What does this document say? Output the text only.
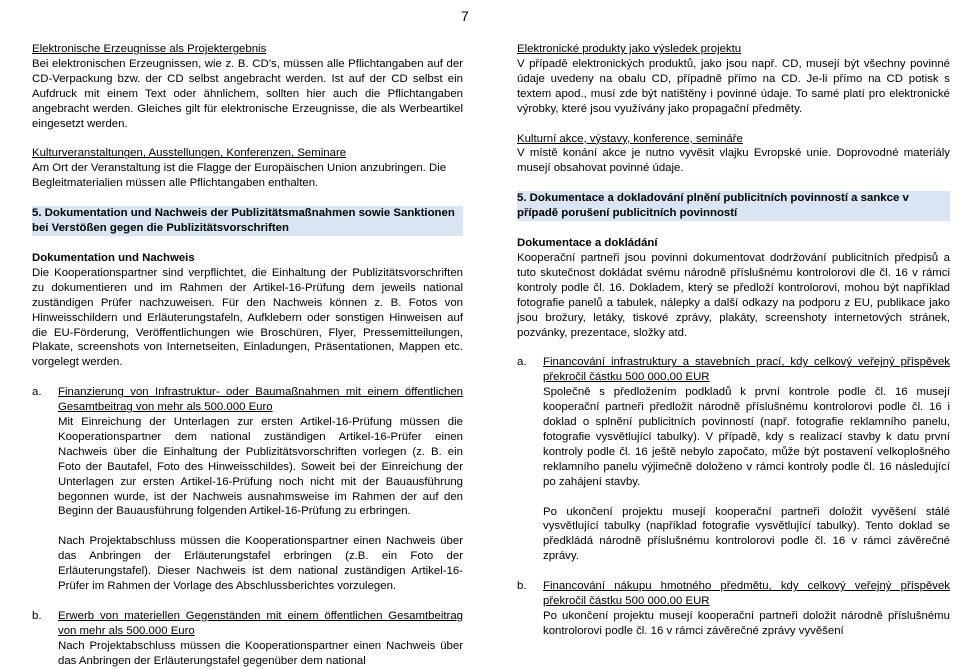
7

Elektronische Erzeugnisse als Projektergebnis

Bei elektronischen Erzeugnissen, wie z. B. CD’s, müssen alle Pflichtangaben auf der CD-Verpackung bzw. der CD selbst angebracht werden. Ist auf der CD selbst ein Aufdruck mit einem Text oder ähnlichem, sollten hier auch die Pflichtangaben angebracht werden. Gleiches gilt für elektronische Erzeugnisse, die als Werbeartikel eingesetzt werden.

Kulturveranstaltungen, Ausstellungen, Konferenzen, Seminare

Am Ort der Veranstaltung ist die Flagge der Europäischen Union anzubringen. Die Begleitmaterialien müssen alle Pflichtangaben enthalten.

5. Dokumentation und Nachweis der Publizitätsmaßnahmen sowie Sanktionen bei Verstößen gegen die Publizitätsvorschriften

Dokumentation und Nachweis

Die Kooperationspartner sind verpflichtet, die Einhaltung der Publizitätsvorschriften zu dokumentieren und im Rahmen der Artikel-16-Prüfung dem jeweils national zuständigen Prüfer nachzuweisen. Für den Nachweis können z. B. Fotos von Hinweisschildern und Erläuterungstafeln, Aufklebern oder sonstigen Hinweisen auf die EU-Förderung, Veröffentlichungen wie Broschüren, Flyer, Pressemitteilungen, Plakate, screenshots von Internetseiten, Einladungen, Präsentationen, Mappen etc. vorgelegt werden.

a.	Finanzierung von Infrastruktur- oder Baumaßnahmen mit einem öffentlichen Gesamtbeitrag von mehr als 500.000 Euro

Mit Einreichung der Unterlagen zur ersten Artikel-16-Prüfung müssen die Kooperationspartner dem national zuständigen Artikel-16-Prüfer einen Nachweis über die Einhaltung der Publizitätsvorschriften vorlegen (z. B. ein Foto der Bautafel, Foto des Hinweisschildes). Soweit bei der Einreichung der Unterlagen zur ersten Artikel-16-Prüfung noch nicht mit der Bauausführung begonnen wurde, ist der Nachweis ausnahmsweise im Rahmen der auf den Beginn der Bauausführung folgenden Artikel-16-Prüfung zu erbringen.

Nach Projektabschluss müssen die Kooperationspartner einen Nachweis über das Anbringen der Erläuterungstafel erbringen (z.B. ein Foto der Erläuterungstafel). Dieser Nachweis ist dem national zuständigen Artikel-16-Prüfer im Rahmen der Vorlage des Abschlussberichtes vorzulegen.

b.	Erwerb von materiellen Gegenständen mit einem öffentlichen Gesamtbeitrag von mehr als 500.000 Euro

Nach Projektabschluss müssen die Kooperationspartner einen Nachweis über das Anbringen der Erläuterungstafel gegenüber dem national

Elektronické produkty jako výsledek projektu

V případě elektronických produktů, jako jsou např. CD, musejí být všechny povinné údaje uvedeny na obalu CD, případně přímo na CD. Je-li přímo na CD potisk s textem apod., musí zde být natištěny i povinné údaje. To samé platí pro elektronické výrobky, které jsou využívány jako propagační předměty.

Kulturní akce, výstavy, konference, semináře

V místě konání akce je nutno vyvěsit vlajku Evropské unie. Doprovodné materiály musejí obsahovat povinné údaje.

5. Dokumentace a dokladování plnění publicitních povinností a sankce v případě porušení publicitních povinností

Dokumentace a dokládání

Kooperační partneři jsou povinni dokumentovat dodržování publicitních předpisů a tuto skutečnost dokládat svému národně příslušnému kontrolorovi dle čl. 16 v rámci kontroly podle čl. 16. Dokladem, který se předloží kontrolorovi, mohou být například fotografie panelů a tabulek, nálepky a další odkazy na podporu z EU, publikace jako jsou brožury, letáky, tiskové zprávy, plakáty, screenshoty internetových stránek, pozvánky, prezentace, složky atd.

a.	Financování infrastruktury a stavebních prací, kdy celkový veřejný příspěvek překročil částku 500 000,00 EUR

Společně s předložením podkladů k první kontrole podle čl. 16 musejí kooperační partneři předložit národně příslušnému kontrolorovi podle čl. 16 i doklad o splnění publicitních povinností (např. fotografie reklamního panelu, fotografie vysvětlující tabulky). V případě, kdy s realizací stavby k datu první kontroly podle čl. 16 ještě nebylo započato, může být postavení velkoplošného reklamního panelu výjimečně doloženo v rámci kontroly podle čl. 16 následující po zahájení stavby.

Po ukončení projektu musejí kooperační partneři doložit vyvěšení stálé vysvětlující tabulky (například fotografie vysvětlující tabulky). Tento doklad se předkládá národně příslušnému kontrolorovi podle čl. 16 v rámci závěrečné zprávy.

b.	Financování nákupu hmotného předmětu, kdy celkový veřejný příspěvek překročil částku 500 000,00 EUR

Po ukončení projektu musejí kooperační partneři doložit národně příslušnému kontrolorovi podle čl. 16 v rámci závěrečné zprávy vyvěšení
